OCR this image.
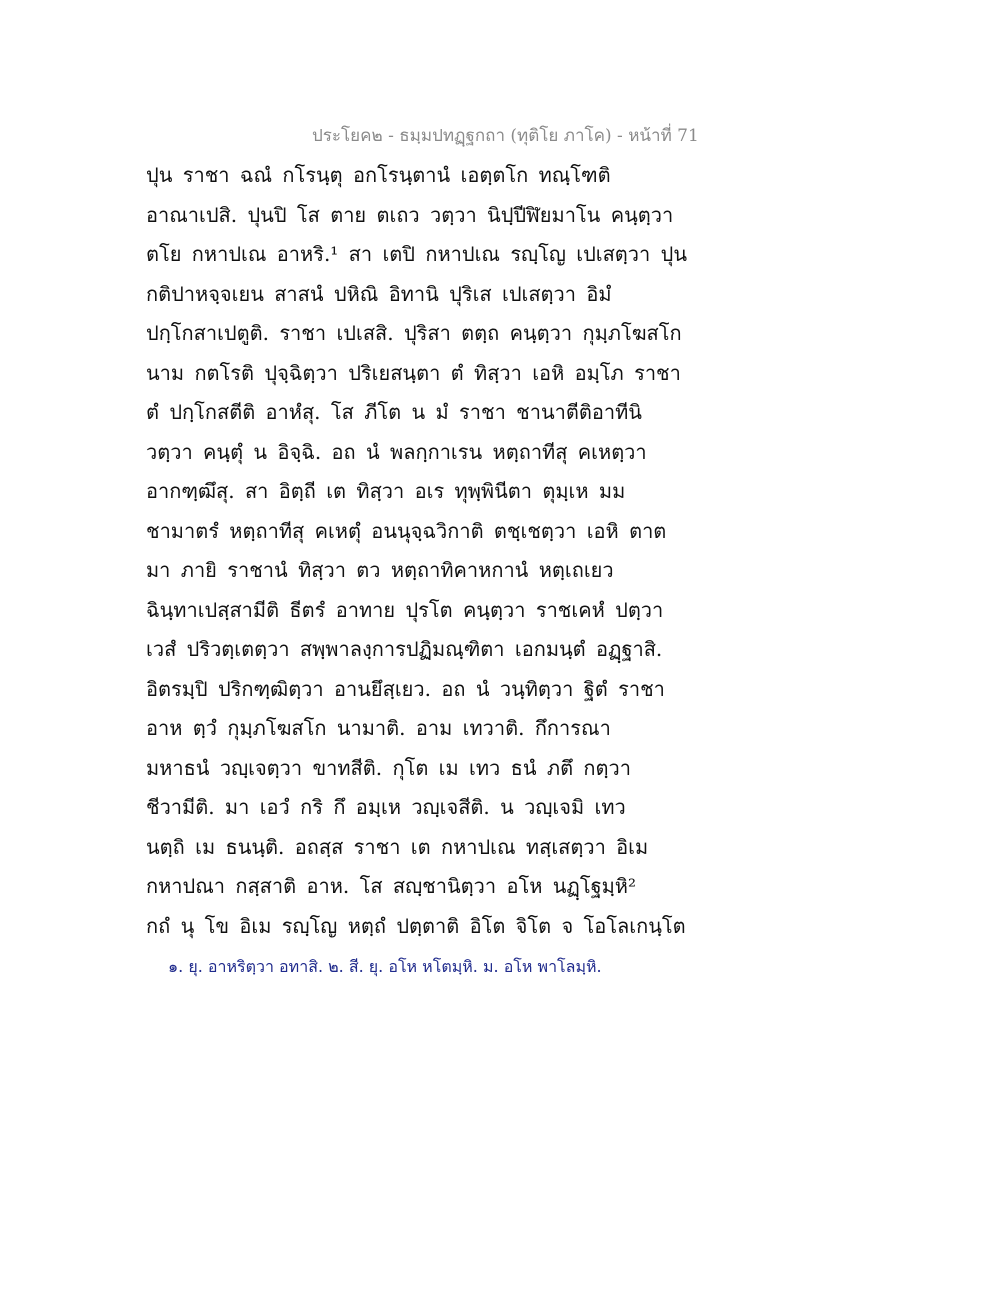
ประโยค๒ - ธมฺมปทฏฺฐกถา (ทุติโย ภาโค) - หน้าที่ 71
ปุน ราชา ฉณํ กโรนฺตุ อกโรนฺตานํ เอตฺตโก ทณฺโฑติ
อาณาเปสิ. ปุนปิ โส ตาย ตเถว วตฺวา นิปฺปีฬิยมาโน คนฺตฺวา
ตโย กหาปเณ อาหริ.¹ สา เตปิ กหาปเณ รญฺโญ เปเสตฺวา ปุน
กติปาหจฺจเยน สาสนํ ปหิณิ อิทานิ ปุริเส เปเสตฺวา อิมํ
ปกฺโกสาเปตูติ. ราชา เปเสสิ. ปุริสา ตตฺถ คนฺตฺวา กุมฺภโฆสโก
นาม กตโรติ ปุจฺฉิตฺวา ปริเยสนฺตา ตํ ทิสฺวา เอหิ อมฺโภ ราชา
ตํ ปกฺโกสตีติ อาหํสุ. โส ภีโต น มํ ราชา ชานาตีติอาทีนิ
วตฺวา คนฺตุํ น อิจฺฉิ. อถ นํ พลกฺกาเรน หตฺถาทีสุ คเหตฺวา
อากฑฺฒึสุ. สา อิตฺถี เต ทิสฺวา อเร ทุพฺพินีตา ตุมฺเห มม
ชามาตรํ หตฺถาทีสุ คเหตุํ อนนุจฺฉวิกาติ ตชฺเชตฺวา เอหิ ตาต
มา ภายิ ราชานํ ทิสฺวา ตว หตฺถาทิคาหกานํ หตฺเถเยว
ฉินฺทาเปสฺสามีติ ธีตรํ อาทาย ปุรโต คนฺตฺวา ราชเคหํ ปตฺวา
เวสํ ปริวตฺเตตฺวา สพฺพาลงฺการปฏิมณฺฑิตา เอกมนฺตํ อฏฺฐาสิ.
อิตรมฺปิ ปริกฑฺฒิตฺวา อานยึสฺเยว. อถ นํ วนฺทิตฺวา ฐิตํ ราชา
อาห ตฺวํ กุมฺภโฆสโก นามาติ. อาม เทวาติ. กึการณา
มหาธนํ วญฺเจตฺวา ขาทสีติ. กุโต เม เทว ธนํ ภตึ กตฺวา
ชีวามีติ. มา เอวํ กริ กึ อมฺเห วญฺเจสีติ. น วญฺเจมิ เทว
นตฺถิ เม ธนนฺติ. อถสฺส ราชา เต กหาปเณ ทสฺเสตฺวา อิเม
กหาปณา กสฺสาติ อาห. โส สญฺชานิตฺวา อโห นฏฺโฐมฺหิ²
กถํ นุ โข อิเม รญฺโญ หตฺถํ ปตฺตาติ อิโต จิโต จ โอโลเกนฺโต
๑. ยุ. อาหริตฺวา อทาสิ. ๒. สี. ยุ. อโห หโตมฺหิ. ม. อโห พาโลมฺหิ.
